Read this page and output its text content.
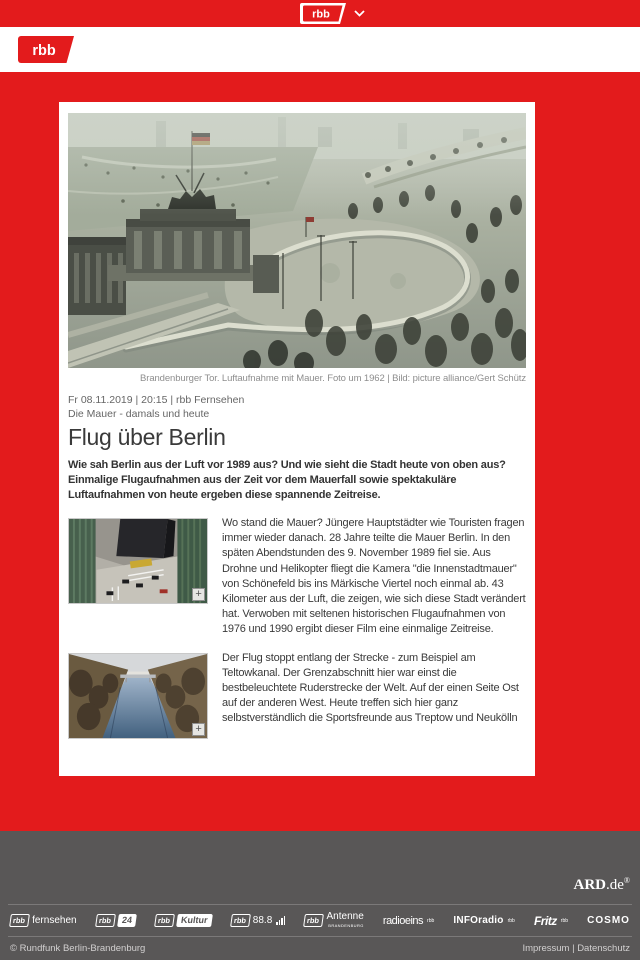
rbb
rbb
Brandenburger Tor. Luftaufnahme mit Mauer. Foto um 1962 | Bild: picture alliance/Gert Schütz
Fr 08.11.2019 | 20:15 | rbb Fernsehen
Die Mauer - damals und heute
Flug über Berlin
Wie sah Berlin aus der Luft vor 1989 aus? Und wie sieht die Stadt heute von oben aus? Einmalige Flugaufnahmen aus der Zeit vor dem Mauerfall sowie spektakuläre Luftaufnahmen von heute ergeben diese spannende Zeitreise.
+
Wo stand die Mauer? Jüngere Hauptstädter wie Touristen fragen immer wieder danach. 28 Jahre teilte die Mauer Berlin. In den späten Abendstunden des 9. November 1989 fiel sie. Aus Drohne und Helikopter fliegt die Kamera "die Innenstadtmauer" von Schönefeld bis ins Märkische Viertel noch einmal ab. 43 Kilometer aus der Luft, die zeigen, wie sich diese Stadt verändert hat. Verwoben mit seltenen historischen Flugaufnahmen von 1976 und 1990 ergibt dieser Film eine einmalige Zeitreise.
+
Der Flug stoppt entlang der Strecke - zum Beispiel am Teltowkanal. Der Grenzabschnitt hier war einst die bestbeleuchtete Ruderstrecke der Welt. Auf der einen Seite Ost auf der anderen West. Heute treffen sich hier ganz selbstverständlich die Sportsfreunde aus Treptow und Neukölln
ARD.de®
rbb fernsehen	rbb	24	rbb	Kultur	rbb 88.8	rbb Antenne
BRANDENBURG radioeins rbb INFOradio rbb Fritz rbb COSMO
© Rundfunk Berlin-Brandenburg	Impressum | Datenschutz
